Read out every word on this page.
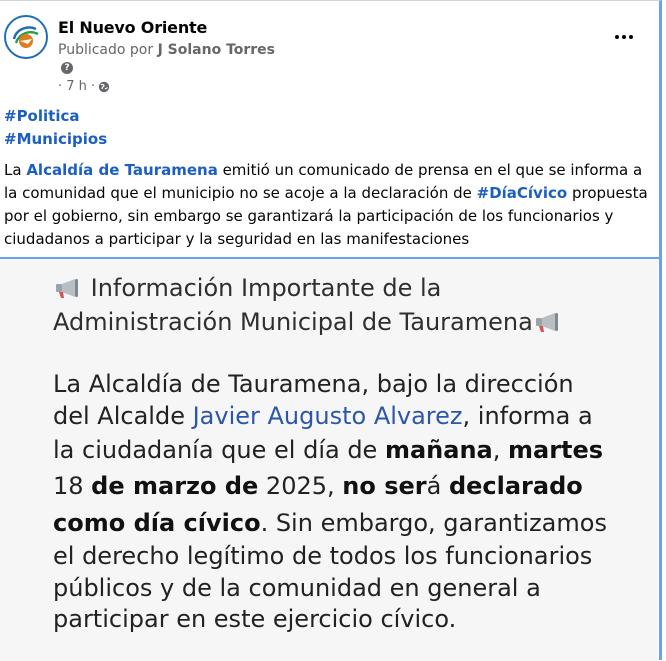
El Nuevo Oriente
Publicado por J Solano Torres
?
· 7 h ·
#Politica
#Municipios
La Alcaldía de Tauramena emitió un comunicado de prensa en el que se informa a la comunidad que el municipio no se acoje a la declaración de #DíaCívico propuesta por el gobierno, sin embargo se garantizará la participación de los funcionarios y ciudadanos a participar y la seguridad en las manifestaciones
Información Importante de la
Administración Municipal de Tauramena
La Alcaldía de Tauramena, bajo la dirección
del Alcalde Javier Augusto Alvarez, informa a
la ciudadanía que el día de mañana, martes
18 de marzo de 2025, no será declarado
como día cívico. Sin embargo, garantizamos
el derecho legítimo de todos los funcionarios
públicos y de la comunidad en general a
participar en este ejercicio cívico.
